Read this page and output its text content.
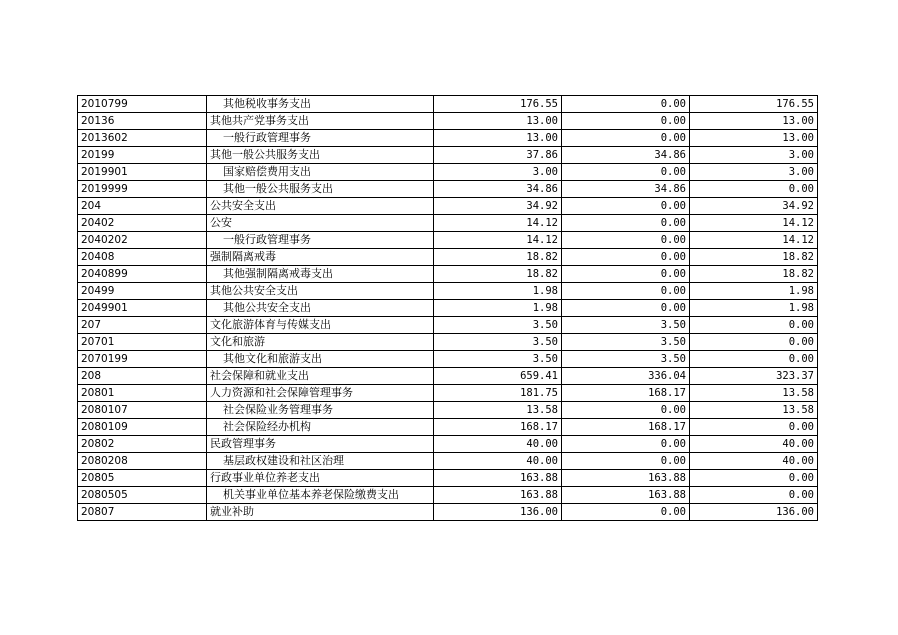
2010799	其他税收事务支出	176.55	0.00	176.55
20136	其他共产党事务支出	13.00	0.00	13.00
2013602	一般行政管理事务	13.00	0.00	13.00
20199	其他一般公共服务支出	37.86	34.86	3.00
2019901	国家赔偿费用支出	3.00	0.00	3.00
2019999	其他一般公共服务支出	34.86	34.86	0.00
204	公共安全支出	34.92	0.00	34.92
20402	公安	14.12	0.00	14.12
2040202	一般行政管理事务	14.12	0.00	14.12
20408	强制隔离戒毒	18.82	0.00	18.82
2040899	其他强制隔离戒毒支出	18.82	0.00	18.82
20499	其他公共安全支出	1.98	0.00	1.98
2049901	其他公共安全支出	1.98	0.00	1.98
207	文化旅游体育与传媒支出	3.50	3.50	0.00
20701	文化和旅游	3.50	3.50	0.00
2070199	其他文化和旅游支出	3.50	3.50	0.00
208	社会保障和就业支出	659.41	336.04	323.37
20801	人力资源和社会保障管理事务	181.75	168.17	13.58
2080107	社会保险业务管理事务	13.58	0.00	13.58
2080109	社会保险经办机构	168.17	168.17	0.00
20802	民政管理事务	40.00	0.00	40.00
2080208	基层政权建设和社区治理	40.00	0.00	40.00
20805	行政事业单位养老支出	163.88	163.88	0.00
2080505	机关事业单位基本养老保险缴费支出	163.88	163.88	0.00
20807	就业补助	136.00	0.00	136.00
